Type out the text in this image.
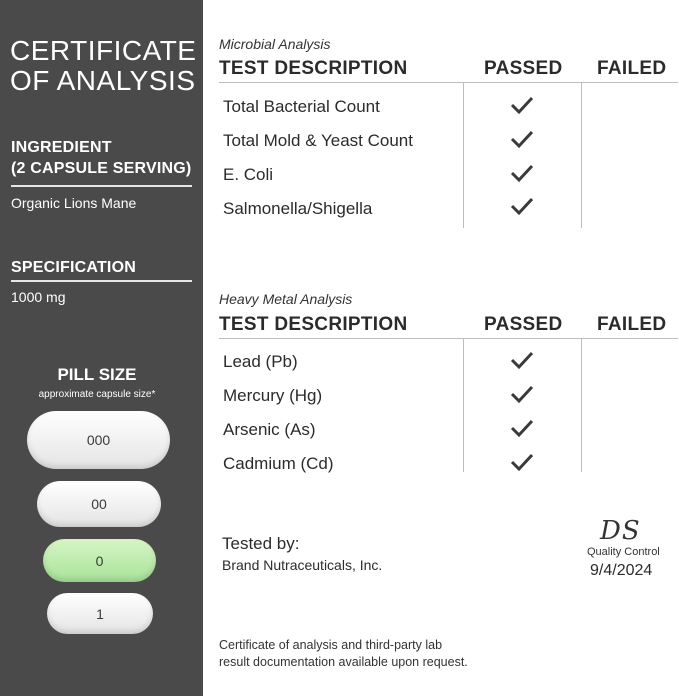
CERTIFICATE
OF ANALYSIS
INGREDIENT
(2 CAPSULE SERVING)
Organic Lions Mane
SPECIFICATION
1000 mg
PILL SIZE
approximate capsule size*
000
00
0
1
Microbial Analysis
TEST DESCRIPTION	PASSED FAILED
Total Bacterial Count
Total Mold & Yeast Count
E. Coli
Salmonella/Shigella
Heavy Metal Analysis
TEST DESCRIPTION	PASSED FAILED
Lead (Pb)
Mercury (Hg)
Arsenic (As)
Cadmium (Cd)
Tested by:
Brand Nutraceuticals, Inc.
DS
Quality Control
9/4/2024
Certificate of analysis and third-party lab
result documentation available upon request.
